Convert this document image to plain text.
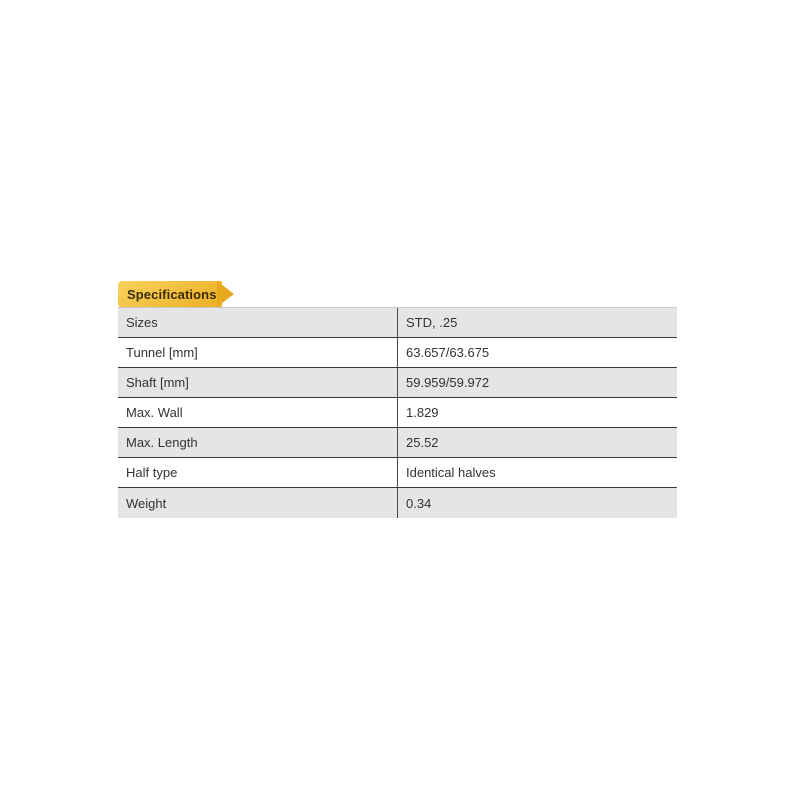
Specifications
Sizes	STD, .25
Tunnel [mm]	63.657/63.675
Shaft [mm]	59.959/59.972
Max. Wall	1.829
Max. Length	25.52
Half type	Identical halves
Weight	0.34
